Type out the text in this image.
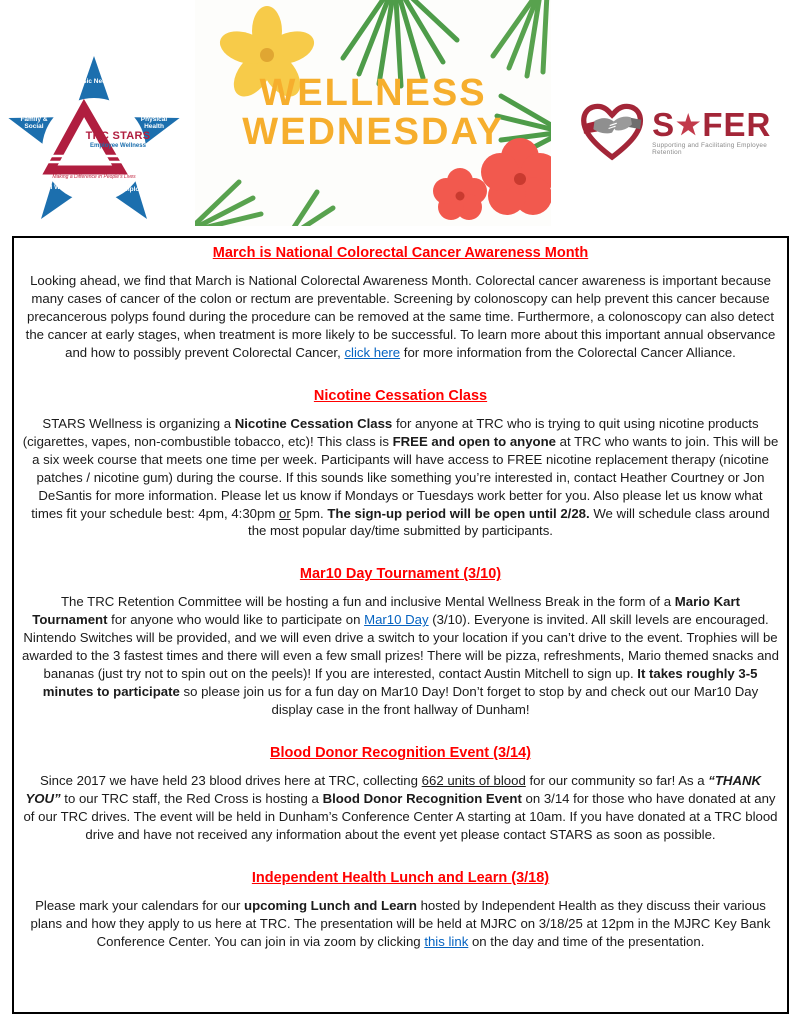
Basic Needs
Family & Social
Physical Health
Mental Wellness	Employment
TRC STARS
Employee Wellness
Making a Difference in People’s Lives
WELLNESS
WEDNESDAY	S ★ FER
Supporting and Facilitating Employee Retention
March is National Colorectal Cancer Awareness Month

Looking ahead, we find that March is National Colorectal Awareness Month. Colorectal cancer awareness is important because many cases of cancer of the colon or rectum are preventable. Screening by colonoscopy can help prevent this cancer because precancerous polyps found during the procedure can be removed at the same time. Furthermore, a colonoscopy can also detect the cancer at early stages, when treatment is more likely to be successful. To learn more about this important annual observance and how to possibly prevent Colorectal Cancer, click here for more information from the Colorectal Cancer Alliance.

Nicotine Cessation Class

STARS Wellness is organizing a Nicotine Cessation Class for anyone at TRC who is trying to quit using nicotine products (cigarettes, vapes, non-combustible tobacco, etc)! This class is FREE and open to anyone at TRC who wants to join. This will be a six week course that meets one time per week. Participants will have access to FREE nicotine replacement therapy (nicotine patches / nicotine gum) during the course. If this sounds like something you’re interested in, contact Heather Courtney or Jon DeSantis for more information. Please let us know if Mondays or Tuesdays work better for you. Also please let us know what times fit your schedule best: 4pm, 4:30pm or 5pm. The sign-up period will be open until 2/28. We will schedule class around the most popular day/time submitted by participants.

Mar10 Day Tournament (3/10)

The TRC Retention Committee will be hosting a fun and inclusive Mental Wellness Break in the form of a Mario Kart Tournament for anyone who would like to participate on Mar10 Day (3/10). Everyone is invited. All skill levels are encouraged. Nintendo Switches will be provided, and we will even drive a switch to your location if you can’t drive to the event. Trophies will be awarded to the 3 fastest times and there will even a few small prizes! There will be pizza, refreshments, Mario themed snacks and bananas (just try not to spin out on the peels)! If you are interested, contact Austin Mitchell to sign up. It takes roughly 3-5 minutes to participate so please join us for a fun day on Mar10 Day! Don’t forget to stop by and check out our Mar10 Day display case in the front hallway of Dunham!

Blood Donor Recognition Event (3/14)

Since 2017 we have held 23 blood drives here at TRC, collecting 662 units of blood for our community so far! As a “THANK YOU” to our TRC staff, the Red Cross is hosting a Blood Donor Recognition Event on 3/14 for those who have donated at any of our TRC drives. The event will be held in Dunham’s Conference Center A starting at 10am. If you have donated at a TRC blood drive and have not received any information about the event yet please contact STARS as soon as possible.

Independent Health Lunch and Learn (3/18)

Please mark your calendars for our upcoming Lunch and Learn hosted by Independent Health as they discuss their various plans and how they apply to us here at TRC. The presentation will be held at MJRC on 3/18/25 at 12pm in the MJRC Key Bank Conference Center. You can join in via zoom by clicking this link on the day and time of the presentation.
